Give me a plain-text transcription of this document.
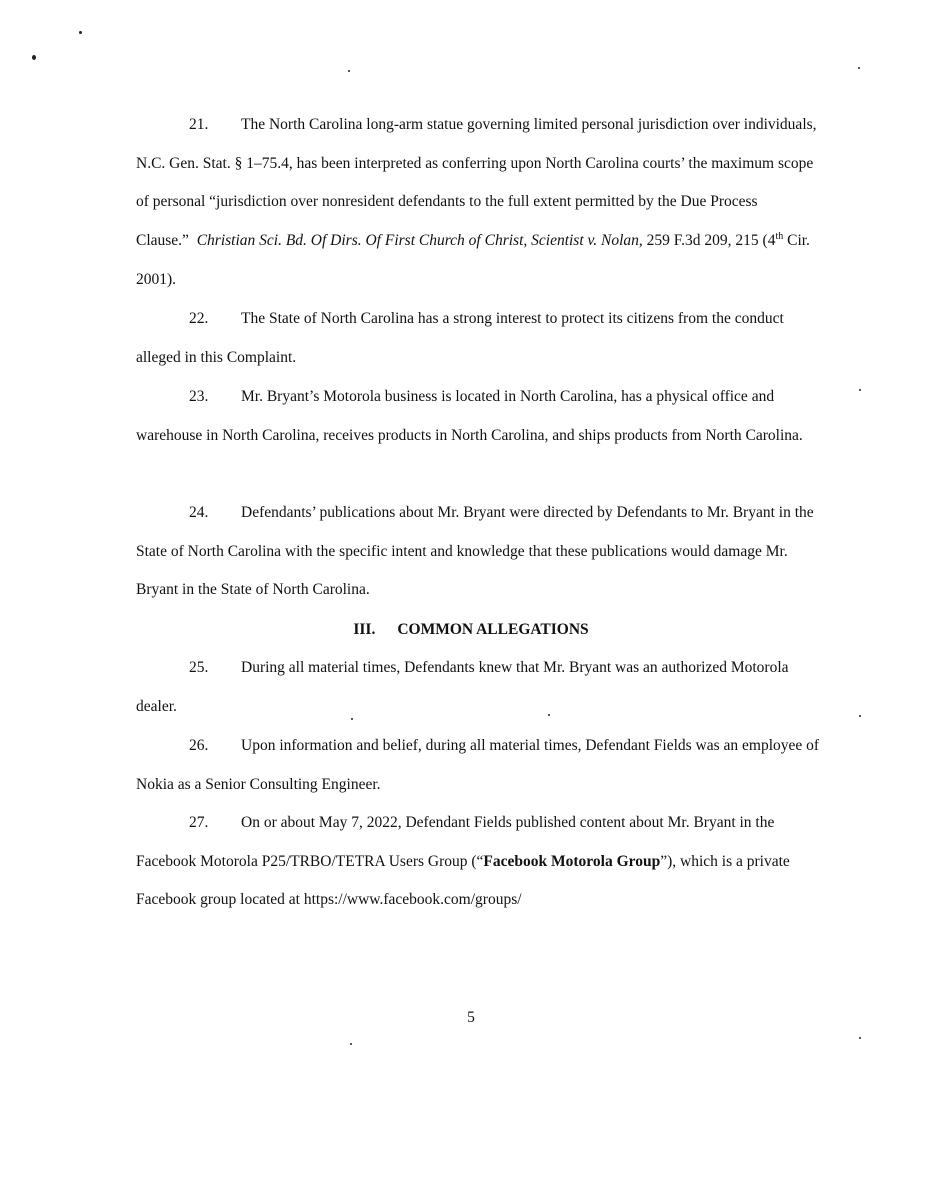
21. The North Carolina long-arm statue governing limited personal jurisdiction over individuals, N.C. Gen. Stat. § 1–75.4, has been interpreted as conferring upon North Carolina courts’ the maximum scope of personal “jurisdiction over nonresident defendants to the full extent permitted by the Due Process Clause.” Christian Sci. Bd. Of Dirs. Of First Church of Christ, Scientist v. Nolan, 259 F.3d 209, 215 (4th Cir. 2001).

22. The State of North Carolina has a strong interest to protect its citizens from the conduct alleged in this Complaint.

23. Mr. Bryant’s Motorola business is located in North Carolina, has a physical office and warehouse in North Carolina, receives products in North Carolina, and ships products from North Carolina.

24. Defendants’ publications about Mr. Bryant were directed by Defendants to Mr. Bryant in the State of North Carolina with the specific intent and knowledge that these publications would damage Mr. Bryant in the State of North Carolina.

III. COMMON ALLEGATIONS

25. During all material times, Defendants knew that Mr. Bryant was an authorized Motorola dealer.

26. Upon information and belief, during all material times, Defendant Fields was an employee of Nokia as a Senior Consulting Engineer.

27. On or about May 7, 2022, Defendant Fields published content about Mr. Bryant in the Facebook Motorola P25/TRBO/TETRA Users Group (“Facebook Motorola Group”), which is a private Facebook group located at https://www.facebook.com/groups/

5
